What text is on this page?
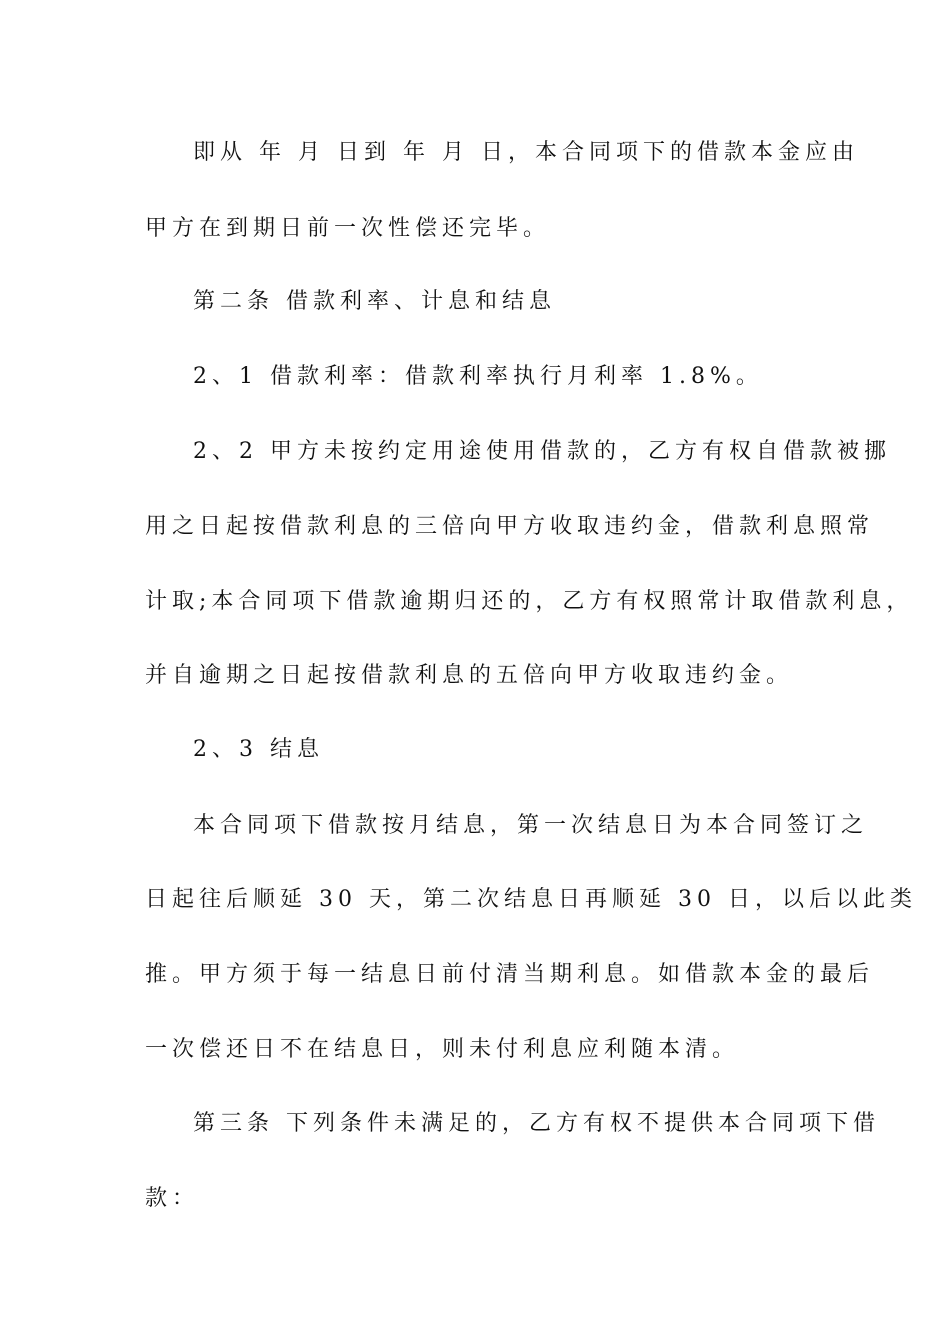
即从 年 月 日到 年 月 日，本合同项下的借款本金应由
甲方在到期日前一次性偿还完毕。
第二条 借款利率、计息和结息
2、1 借款利率：借款利率执行月利率 1.8%。
2、2 甲方未按约定用途使用借款的，乙方有权自借款被挪
用之日起按借款利息的三倍向甲方收取违约金，借款利息照常
计取;本合同项下借款逾期归还的，乙方有权照常计取借款利息，
并自逾期之日起按借款利息的五倍向甲方收取违约金。
2、3 结息
本合同项下借款按月结息，第一次结息日为本合同签订之
日起往后顺延 30 天，第二次结息日再顺延 30 日，以后以此类
推。甲方须于每一结息日前付清当期利息。如借款本金的最后
一次偿还日不在结息日，则未付利息应利随本清。
第三条 下列条件未满足的，乙方有权不提供本合同项下借
款：
